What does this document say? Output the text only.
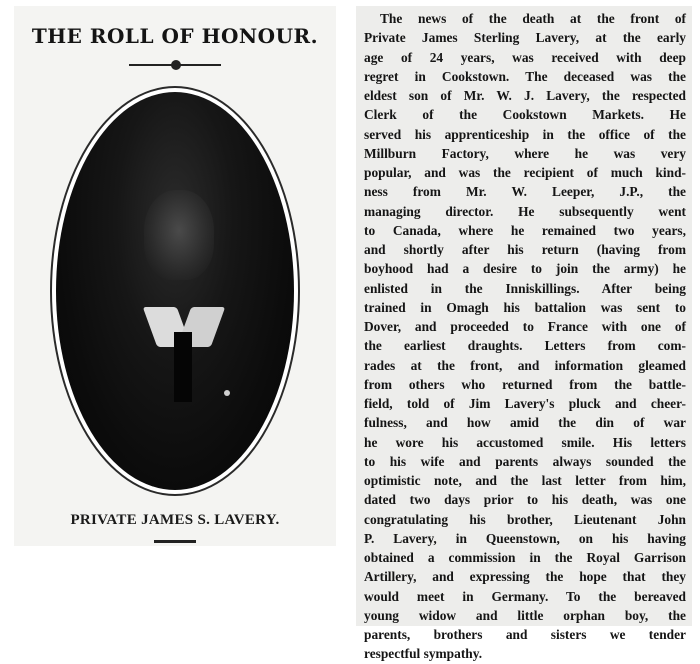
THE ROLL OF HONOUR.
PRIVATE JAMES S. LAVERY.
The news of the death at the front of
Private James Sterling Lavery, at the early
age of 24 years, was received with deep
regret in Cookstown. The deceased was the
eldest son of Mr. W. J. Lavery, the respected
Clerk of the Cookstown Markets. He
served his apprenticeship in the office of the
Millburn Factory, where he was very
popular, and was the recipient of much kind-
ness from Mr. W. Leeper, J.P., the
managing director. He subsequently went
to Canada, where he remained two years,
and shortly after his return (having from
boyhood had a desire to join the army) he
enlisted in the Inniskillings. After being
trained in Omagh his battalion was sent to
Dover, and proceeded to France with one of
the earliest draughts. Letters from com-
rades at the front, and information gleamed
from others who returned from the battle-
field, told of Jim Lavery's pluck and cheer-
fulness, and how amid the din of war
he wore his accustomed smile. His letters
to his wife and parents always sounded the
optimistic note, and the last letter from him,
dated two days prior to his death, was one
congratulating his brother, Lieutenant John
P. Lavery, in Queenstown, on his having
obtained a commission in the Royal Garrison
Artillery, and expressing the hope that they
would meet in Germany. To the bereaved
young widow and little orphan boy, the
parents, brothers and sisters we tender
respectful sympathy.
